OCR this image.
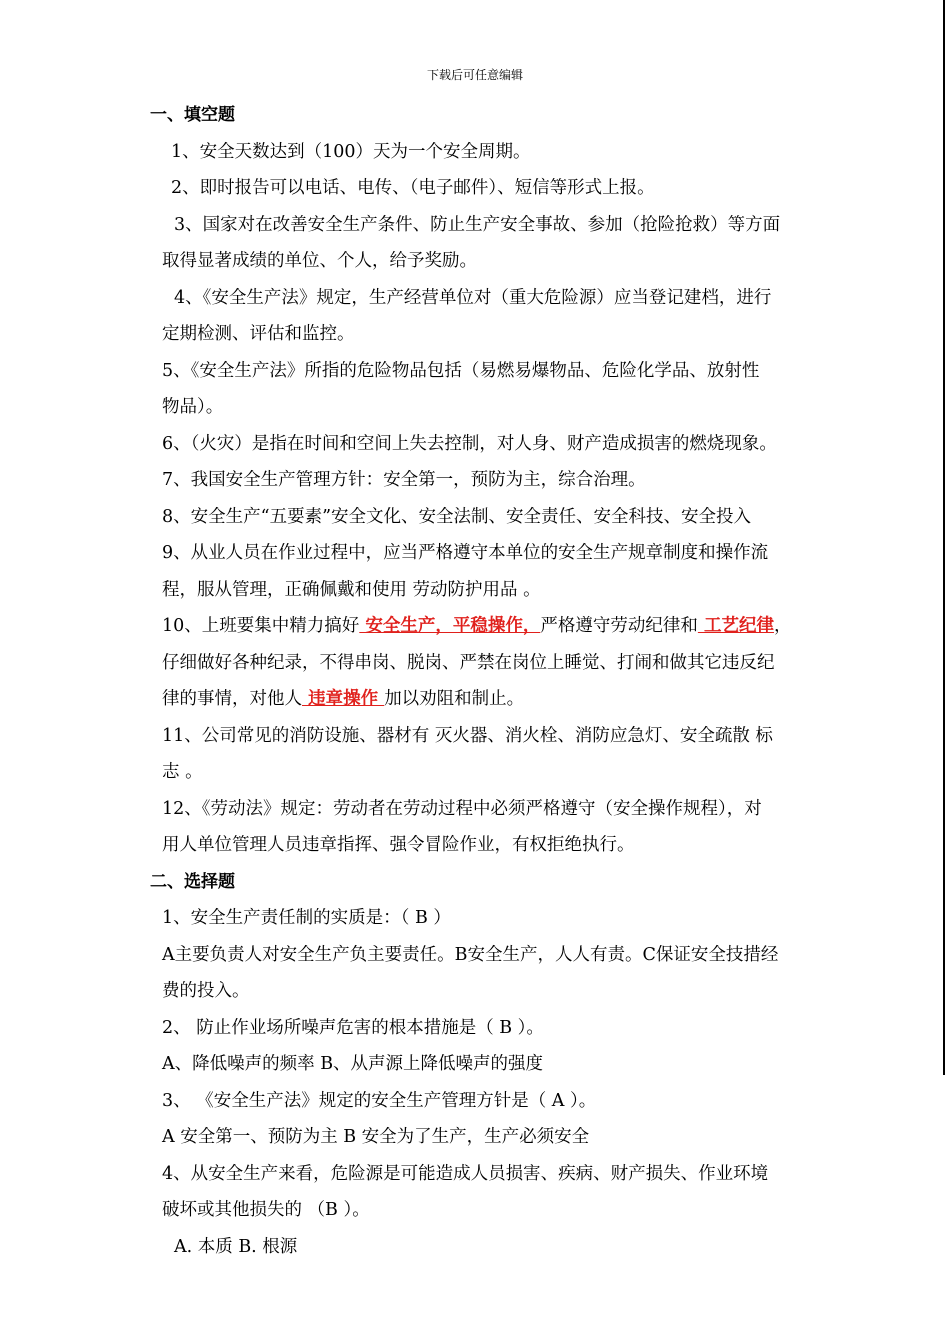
下载后可任意编辑

一、填空题

1、安全天数达到（100）天为一个安全周期。

2、即时报告可以电话、电传、（电子邮件）、短信等形式上报。

3、国家对在改善安全生产条件、防止生产安全事故、参加（抢险抢救）等方面

取得显著成绩的单位、个人，给予奖励。

4、《安全生产法》规定，生产经营单位对（重大危险源）应当登记建档，进行

定期检测、评估和监控。

5、《安全生产法》所指的危险物品包括（易燃易爆物品、危险化学品、放射性

物品）。

6、（火灾）是指在时间和空间上失去控制，对人身、财产造成损害的燃烧现象。

7、我国安全生产管理方针：安全第一，预防为主，综合治理。

8、安全生产“五要素”安全文化、安全法制、安全责任、安全科技、安全投入

9、从业人员在作业过程中，应当严格遵守本单位的安全生产规章制度和操作流

程，服从管理，正确佩戴和使用 劳动防护用品 。

10、上班要集中精力搞好 安全生产，平稳操作，严格遵守劳动纪律和 工艺纪律，

仔细做好各种纪录，不得串岗、脱岗、严禁在岗位上睡觉、打闹和做其它违反纪

律的事情，对他人 违章操作 加以劝阻和制止。

11、公司常见的消防设施、器材有 灭火器、消火栓、消防应急灯、安全疏散 标

志 。

12、《劳动法》规定：劳动者在劳动过程中必须严格遵守（安全操作规程），对

用人单位管理人员违章指挥、强令冒险作业，有权拒绝执行。

二、选择题

1、安全生产责任制的实质是：（ B ）

A主要负责人对安全生产负主要责任。B安全生产，人人有责。C保证安全技措经

费的投入。

2、 防止作业场所噪声危害的根本措施是（ B ）。

A、降低噪声的频率 B、从声源上降低噪声的强度

3、 《安全生产法》规定的安全生产管理方针是（ A ）。

A 安全第一、预防为主 B 安全为了生产，生产必须安全

4、从安全生产来看，危险源是可能造成人员损害、疾病、财产损失、作业环境

破坏或其他损失的 （B ）。

A. 本质 B. 根源
